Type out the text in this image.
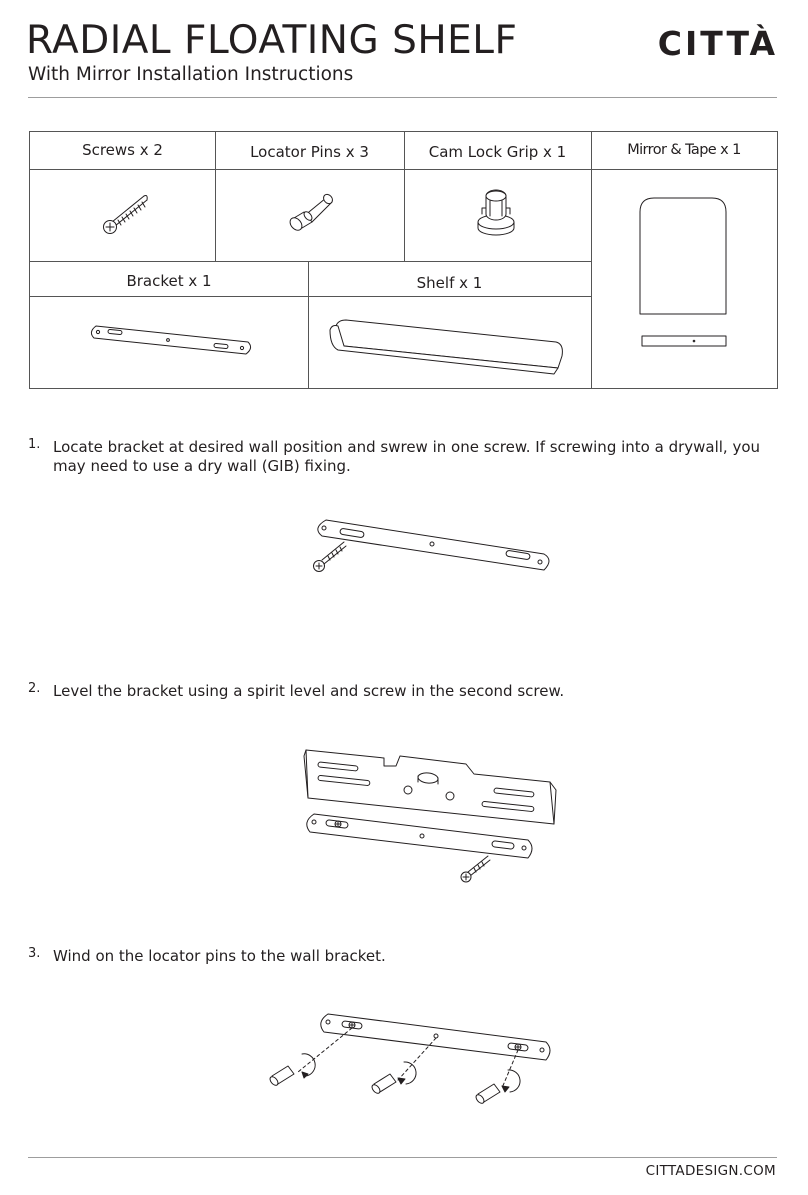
RADIAL FLOATING SHELF

With Mirror Installation Instructions

CITTÀ
Screws x 2	Locator Pins x 3	Cam Lock Grip x 1	Mirror & Tape x 1
Bracket x 1	Shelf x 1
1. Locate bracket at desired wall position and swrew in one screw. If screwing into a drywall, you may need to use a dry wall (GIB) fixing.
2. Level the bracket using a spirit level and screw in the second screw.
3. Wind on the locator pins to the wall bracket.
CITTADESIGN.COM
